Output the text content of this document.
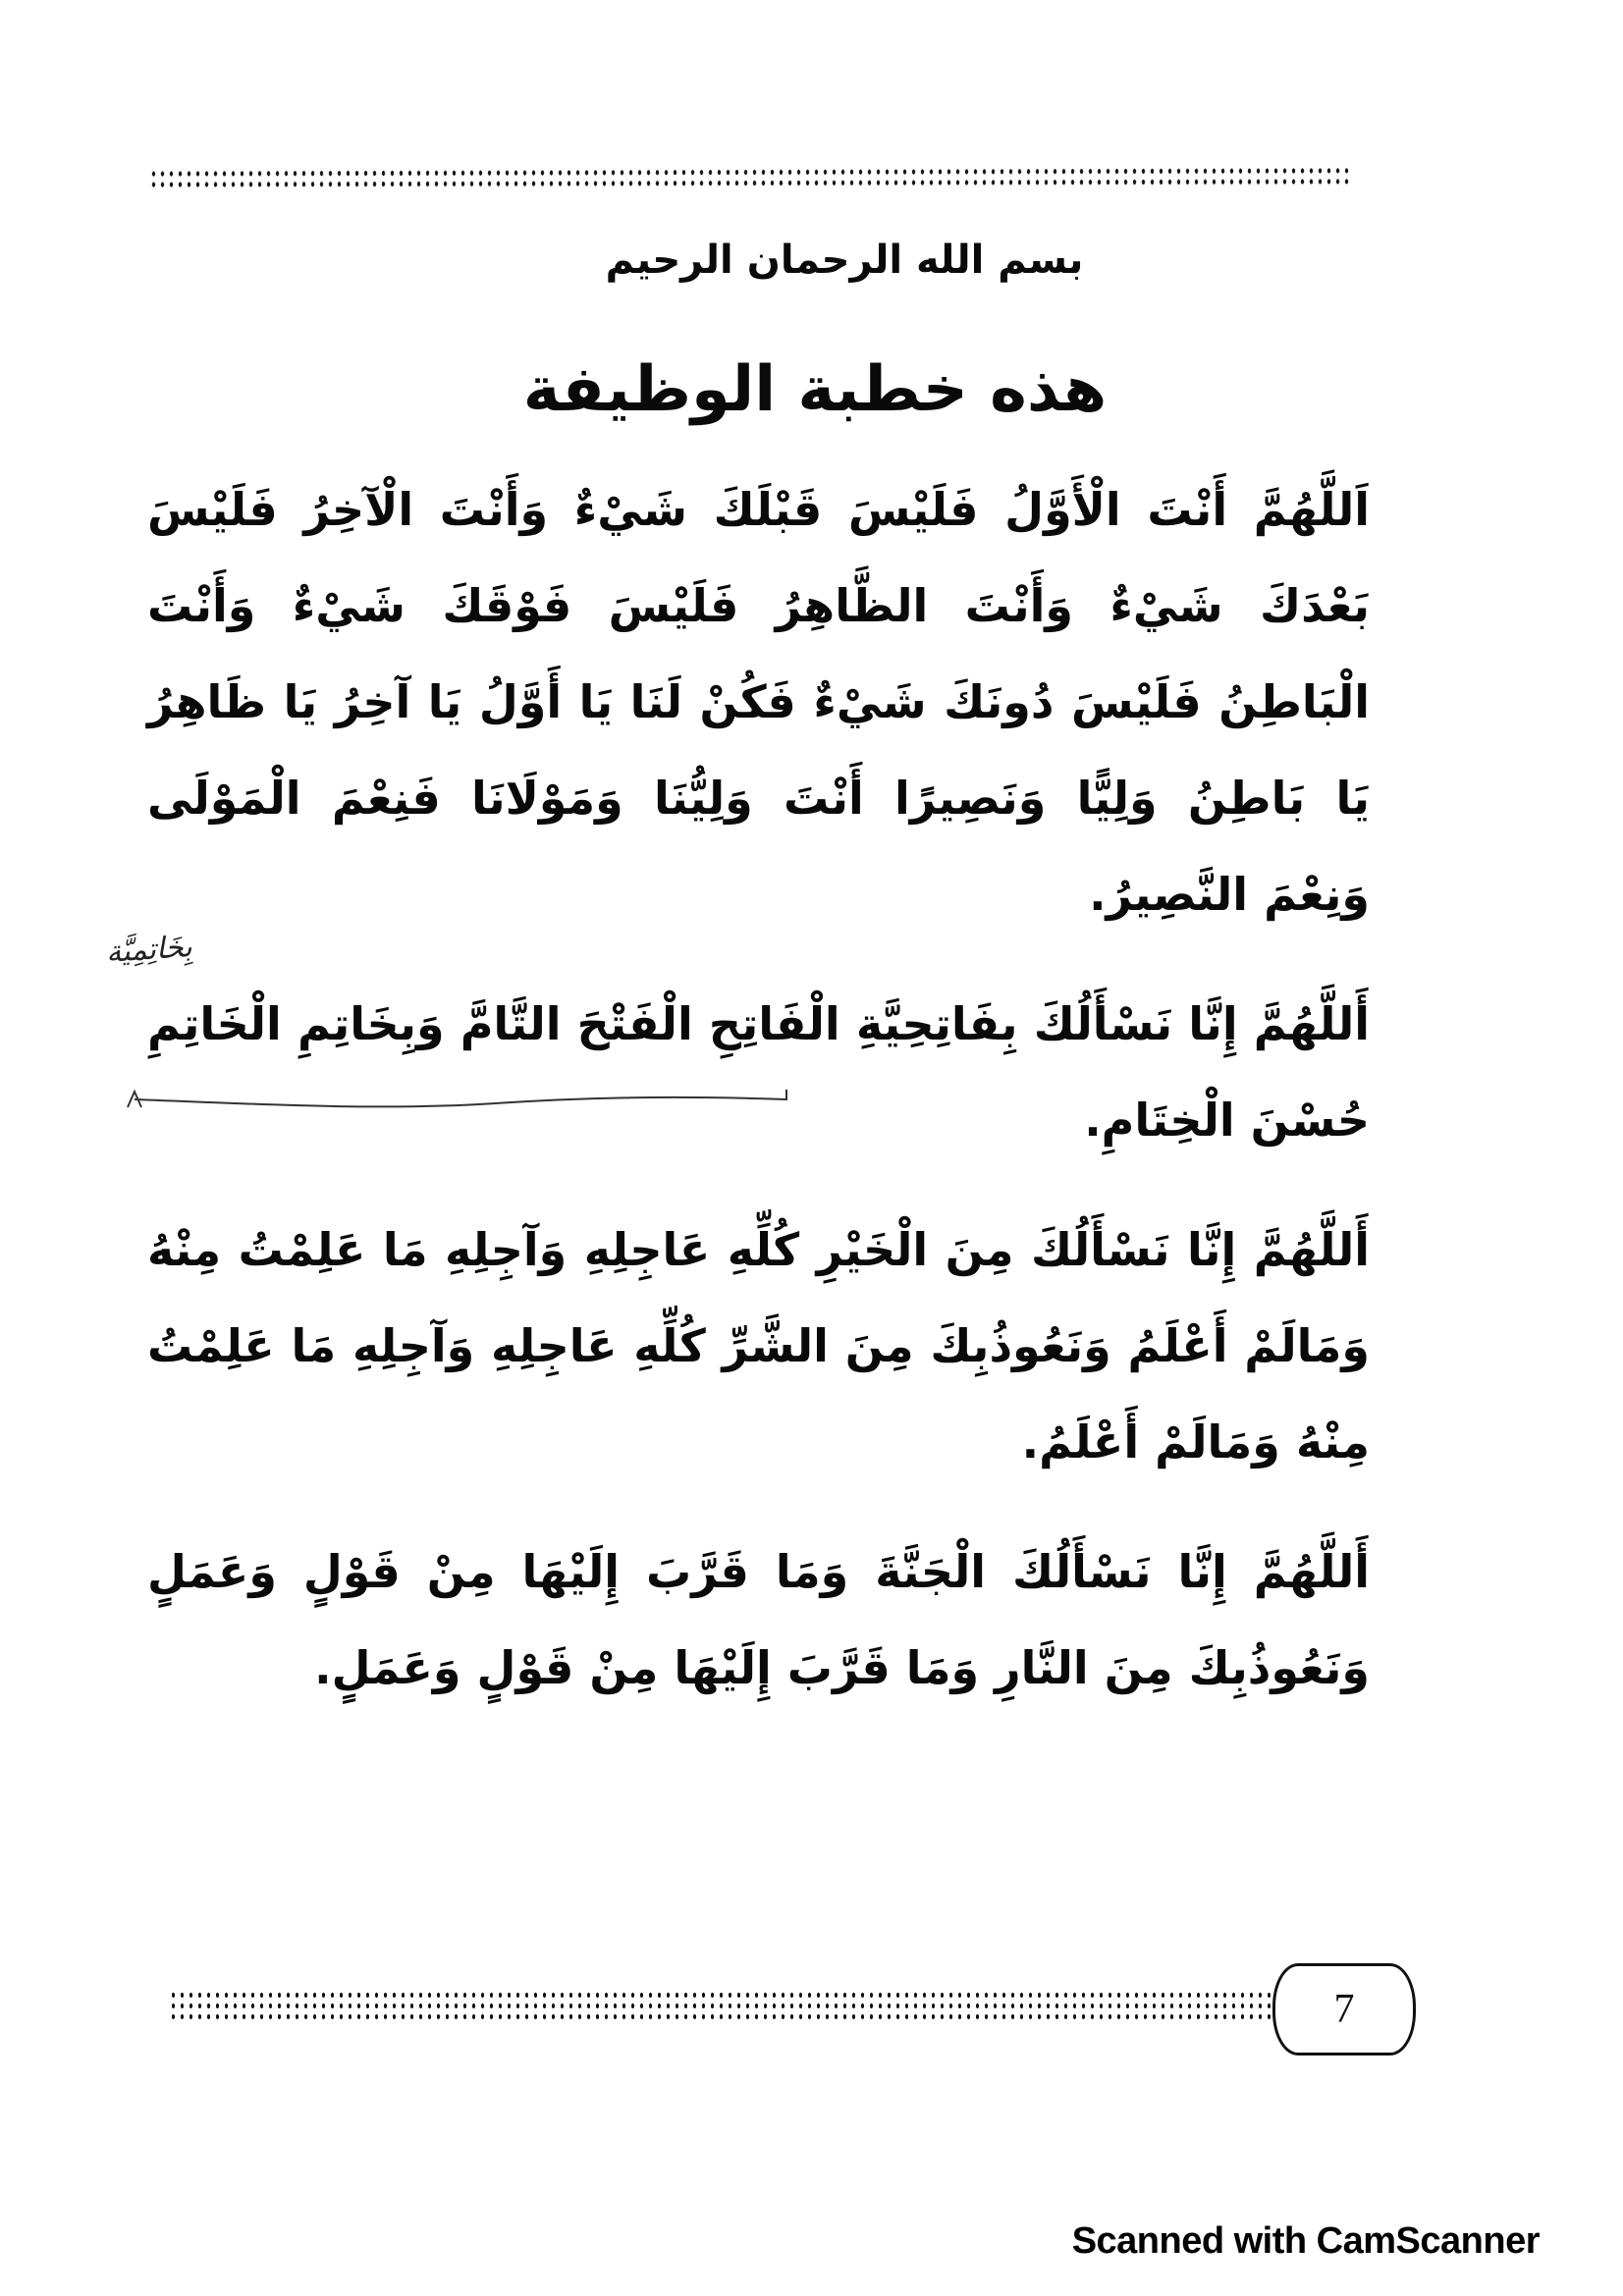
بسم الله الرحمان الرحيم
هذه خطبة الوظيفة
بِخَاتِمِيَّة

اَللَّهُمَّ أَنْتَ الْأَوَّلُ فَلَيْسَ قَبْلَكَ شَيْءٌ وَأَنْتَ الْآخِرُ فَلَيْسَ بَعْدَكَ شَيْءٌ وَأَنْتَ الظَّاهِرُ فَلَيْسَ فَوْقَكَ شَيْءٌ وَأَنْتَ الْبَاطِنُ فَلَيْسَ دُونَكَ شَيْءٌ فَكُنْ لَنَا يَا أَوَّلُ يَا آخِرُ يَا ظَاهِرُ يَا بَاطِنُ وَلِيًّا وَنَصِيرًا أَنْتَ وَلِيُّنَا وَمَوْلَانَا فَنِعْمَ الْمَوْلَى وَنِعْمَ النَّصِيرُ.

أَللَّهُمَّ إِنَّا نَسْأَلُكَ بِفَاتِحِيَّةِ الْفَاتِحِ الْفَتْحَ التَّامَّ وَبِخَاتِمِ الْخَاتِمِ حُسْنَ الْخِتَامِ.

أَللَّهُمَّ إِنَّا نَسْأَلُكَ مِنَ الْخَيْرِ كُلِّهِ عَاجِلِهِ وَآجِلِهِ مَا عَلِمْتُ مِنْهُ وَمَالَمْ أَعْلَمُ وَنَعُوذُبِكَ مِنَ الشَّرِّ كُلِّهِ عَاجِلِهِ وَآجِلِهِ مَا عَلِمْتُ مِنْهُ وَمَالَمْ أَعْلَمُ.

أَللَّهُمَّ إِنَّا نَسْأَلُكَ الْجَنَّةَ وَمَا قَرَّبَ إِلَيْهَا مِنْ قَوْلٍ وَعَمَلٍ وَنَعُوذُبِكَ مِنَ النَّارِ وَمَا قَرَّبَ إِلَيْهَا مِنْ قَوْلٍ وَعَمَلٍ.

7
Scanned with CamScanner
